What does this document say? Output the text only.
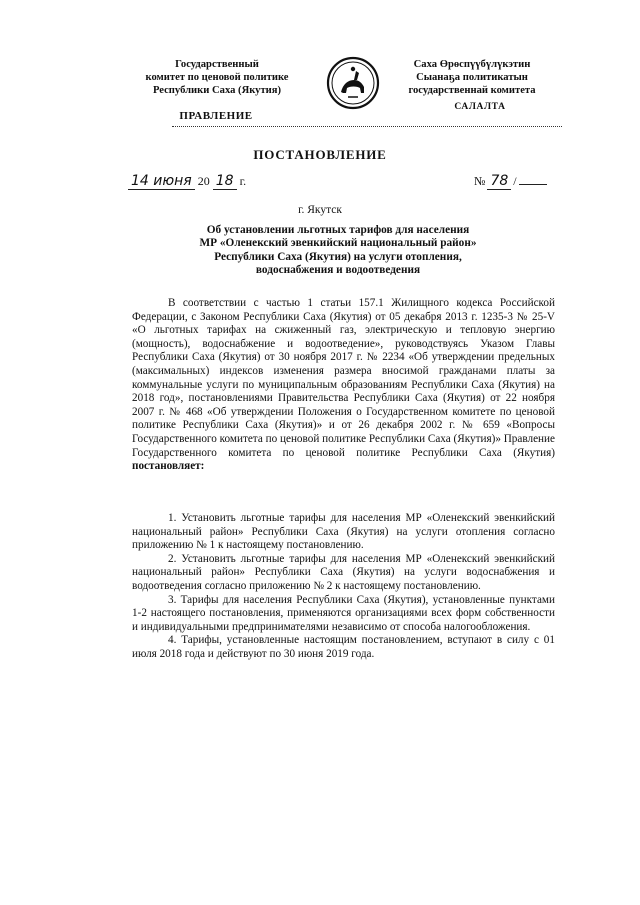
Государственный
комитет по ценовой политике
Республики Саха (Якутия)
Саха Өрөспүүбүлүкэтин
Сыанаҕа политикатын
государственнай комитета
ПРАВЛЕНИЕ
САЛАЛТА
ПОСТАНОВЛЕНИЕ
14 июня 20 18 г.	№ 78 /
г. Якутск
Об установлении льготных тарифов для населения
МР «Оленекский эвенкийский национальный район»
Республики Саха (Якутия) на услуги отопления,
водоснабжения и водоотведения

В соответствии с частью 1 статьи 157.1 Жилищного кодекса Российской Федерации, с Законом Республики Саха (Якутия) от 05 декабря 2013 г. 1235-3 № 25-V «О льготных тарифах на сжиженный газ, электрическую и тепловую энергию (мощность), водоснабжение и водоотведение», руководствуясь Указом Главы Республики Саха (Якутия) от 30 ноября 2017 г. № 2234 «Об утверждении предельных (максимальных) индексов изменения размера вносимой гражданами платы за коммунальные услуги по муниципальным образованиям Республики Саха (Якутия) на 2018 год», постановлениями Правительства Республики Саха (Якутия) от 22 ноября 2007 г. № 468 «Об утверждении Положения о Государственном комитете по ценовой политике Республики Саха (Якутия)» и от 26 декабря 2002 г. № 659 «Вопросы Государственного комитета по ценовой политике Республики Саха (Якутия)» Правление Государственного комитета по ценовой политике Республики Саха (Якутия) постановляет:

1. Установить льготные тарифы для населения МР «Оленекский эвенкийский национальный район» Республики Саха (Якутия) на услуги отопления согласно приложению № 1 к настоящему постановлению.

2. Установить льготные тарифы для населения МР «Оленекский эвенкийский национальный район» Республики Саха (Якутия) на услуги водоснабжения и водоотведения согласно приложению № 2 к настоящему постановлению.

3. Тарифы для населения Республики Саха (Якутия), установленные пунктами 1-2 настоящего постановления, применяются организациями всех форм собственности и индивидуальными предпринимателями независимо от способа налогообложения.

4. Тарифы, установленные настоящим постановлением, вступают в силу с 01 июля 2018 года и действуют по 30 июня 2019 года.
